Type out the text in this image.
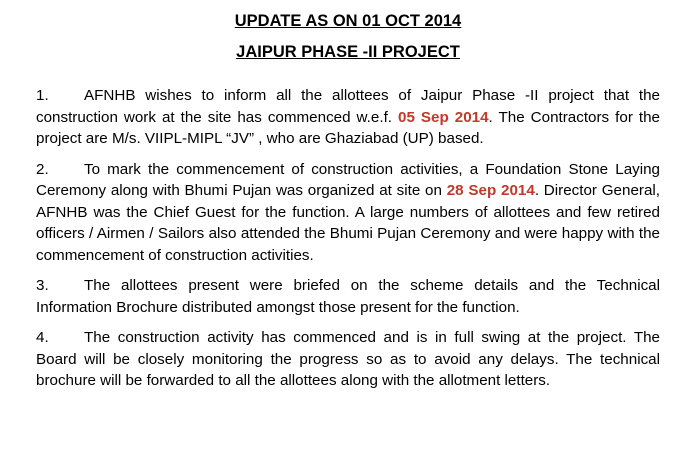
UPDATE AS ON 01 OCT 2014
JAIPUR PHASE -II PROJECT

1. AFNHB wishes to inform all the allottees of Jaipur Phase -II project that the construction work at the site has commenced w.e.f. 05 Sep 2014. The Contractors for the project are M/s. VIIPL-MIPL “JV” , who are Ghaziabad (UP) based.

2. To mark the commencement of construction activities, a Foundation Stone Laying Ceremony along with Bhumi Pujan was organized at site on 28 Sep 2014. Director General, AFNHB was the Chief Guest for the function. A large numbers of allottees and few retired officers / Airmen / Sailors also attended the Bhumi Pujan Ceremony and were happy with the commencement of construction activities.

3. The allottees present were briefed on the scheme details and the Technical Information Brochure distributed amongst those present for the function.

4. The construction activity has commenced and is in full swing at the project. The Board will be closely monitoring the progress so as to avoid any delays. The technical brochure will be forwarded to all the allottees along with the allotment letters.
